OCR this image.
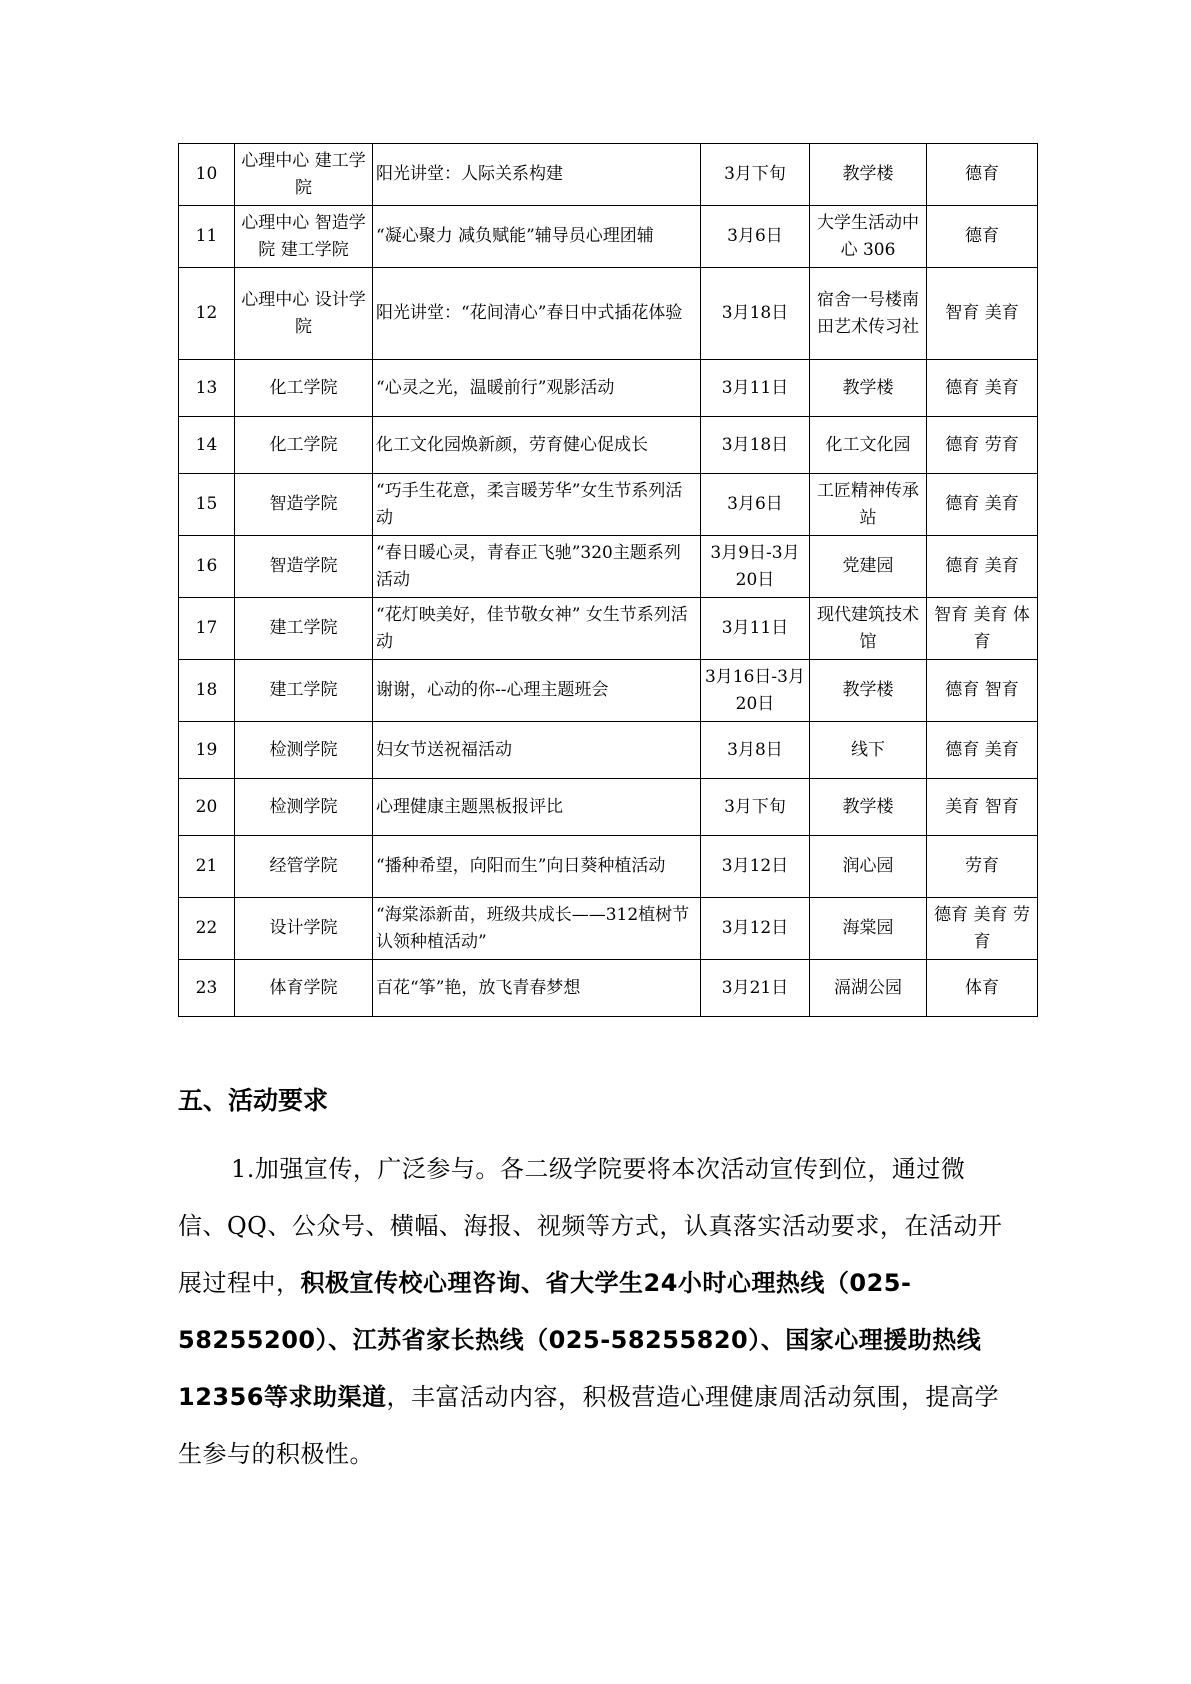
10	心理中心 建工学院	阳光讲堂：人际关系构建	3月下旬	教学楼	德育
11	心理中心 智造学院 建工学院	“凝心聚力 减负赋能”辅导员心理团辅	3月6日	大学生活动中心 306	德育
12	心理中心 设计学院	阳光讲堂：“花间清心”春日中式插花体验	3月18日	宿舍一号楼南田艺术传习社	智育 美育
13	化工学院	“心灵之光，温暖前行”观影活动	3月11日	教学楼	德育 美育
14	化工学院	化工文化园焕新颜，劳育健心促成长	3月18日	化工文化园	德育 劳育
15	智造学院	“巧手生花意，柔言暖芳华”女生节系列活动	3月6日	工匠精神传承站	德育 美育
16	智造学院	“春日暖心灵，青春正飞驰”320主题系列活动	3月9日-3月20日	党建园	德育 美育
17	建工学院	“花灯映美好，佳节敬女神” 女生节系列活动	3月11日	现代建筑技术馆	智育 美育 体育
18	建工学院	谢谢，心动的你--心理主题班会	3月16日-3月20日	教学楼	德育 智育
19	检测学院	妇女节送祝福活动	3月8日	线下	德育 美育
20	检测学院	心理健康主题黑板报评比	3月下旬	教学楼	美育 智育
21	经管学院	“播种希望，向阳而生”向日葵种植活动	3月12日	润心园	劳育
22	设计学院	“海棠添新苗，班级共成长——312植树节认领种植活动”	3月12日	海棠园	德育 美育 劳育
23	体育学院	百花“筝”艳，放飞青春梦想	3月21日	滆湖公园	体育
五、活动要求

1.加强宣传，广泛参与。各二级学院要将本次活动宣传到位，通过微信、QQ、公众号、横幅、海报、视频等方式，认真落实活动要求，在活动开展过程中，积极宣传校心理咨询、省大学生24小时心理热线（025-58255200）、江苏省家长热线（025-58255820）、国家心理援助热线12356等求助渠道，丰富活动内容，积极营造心理健康周活动氛围，提高学生参与的积极性。
